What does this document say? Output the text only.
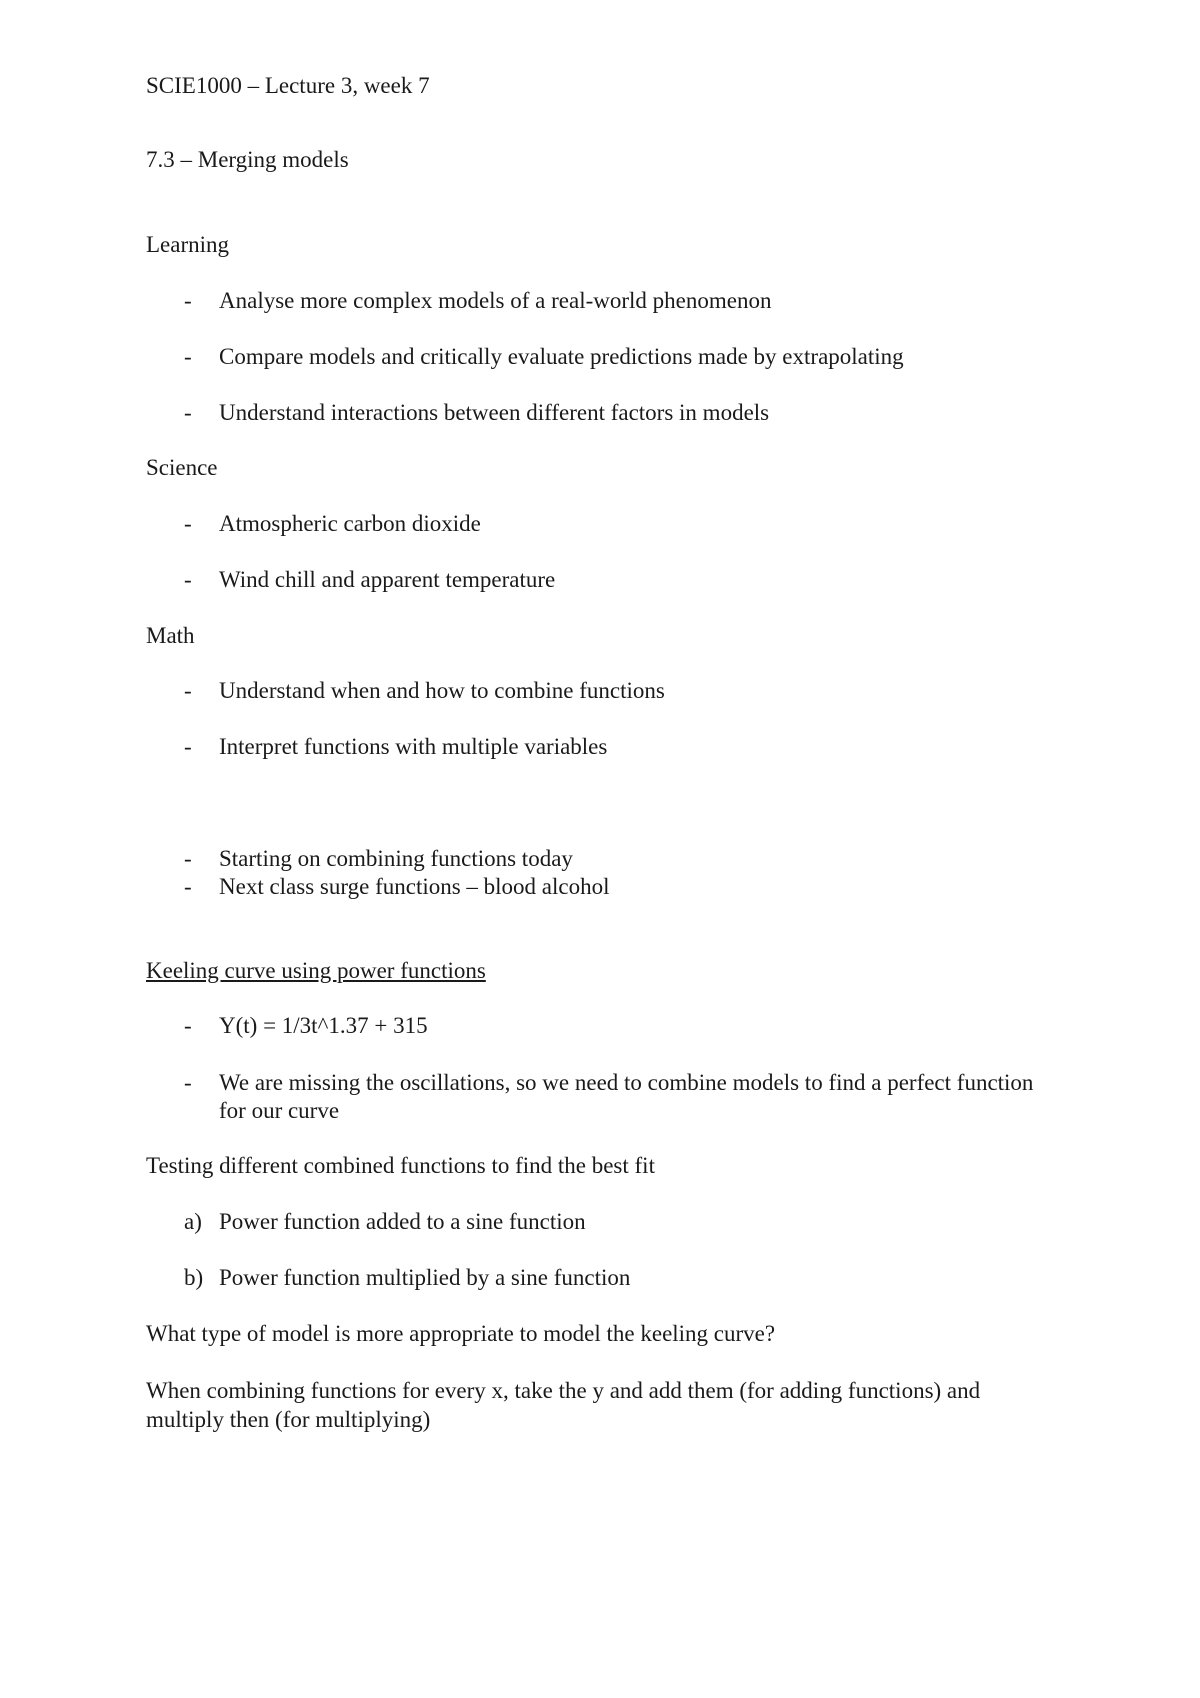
SCIE1000 – Lecture 3, week 7
7.3 – Merging models
Learning
- Analyse more complex models of a real-world phenomenon
- Compare models and critically evaluate predictions made by extrapolating
- Understand interactions between different factors in models
Science
- Atmospheric carbon dioxide
- Wind chill and apparent temperature
Math
- Understand when and how to combine functions
- Interpret functions with multiple variables
- Starting on combining functions today
- Next class surge functions – blood alcohol
Keeling curve using power functions
- Y(t) = 1/3t^1.37 + 315
- We are missing the oscillations, so we need to combine models to find a perfect function for our curve
Testing different combined functions to find the best fit
a) Power function added to a sine function
b) Power function multiplied by a sine function
What type of model is more appropriate to model the keeling curve?
When combining functions for every x, take the y and add them (for adding functions) and multiply then (for multiplying)
